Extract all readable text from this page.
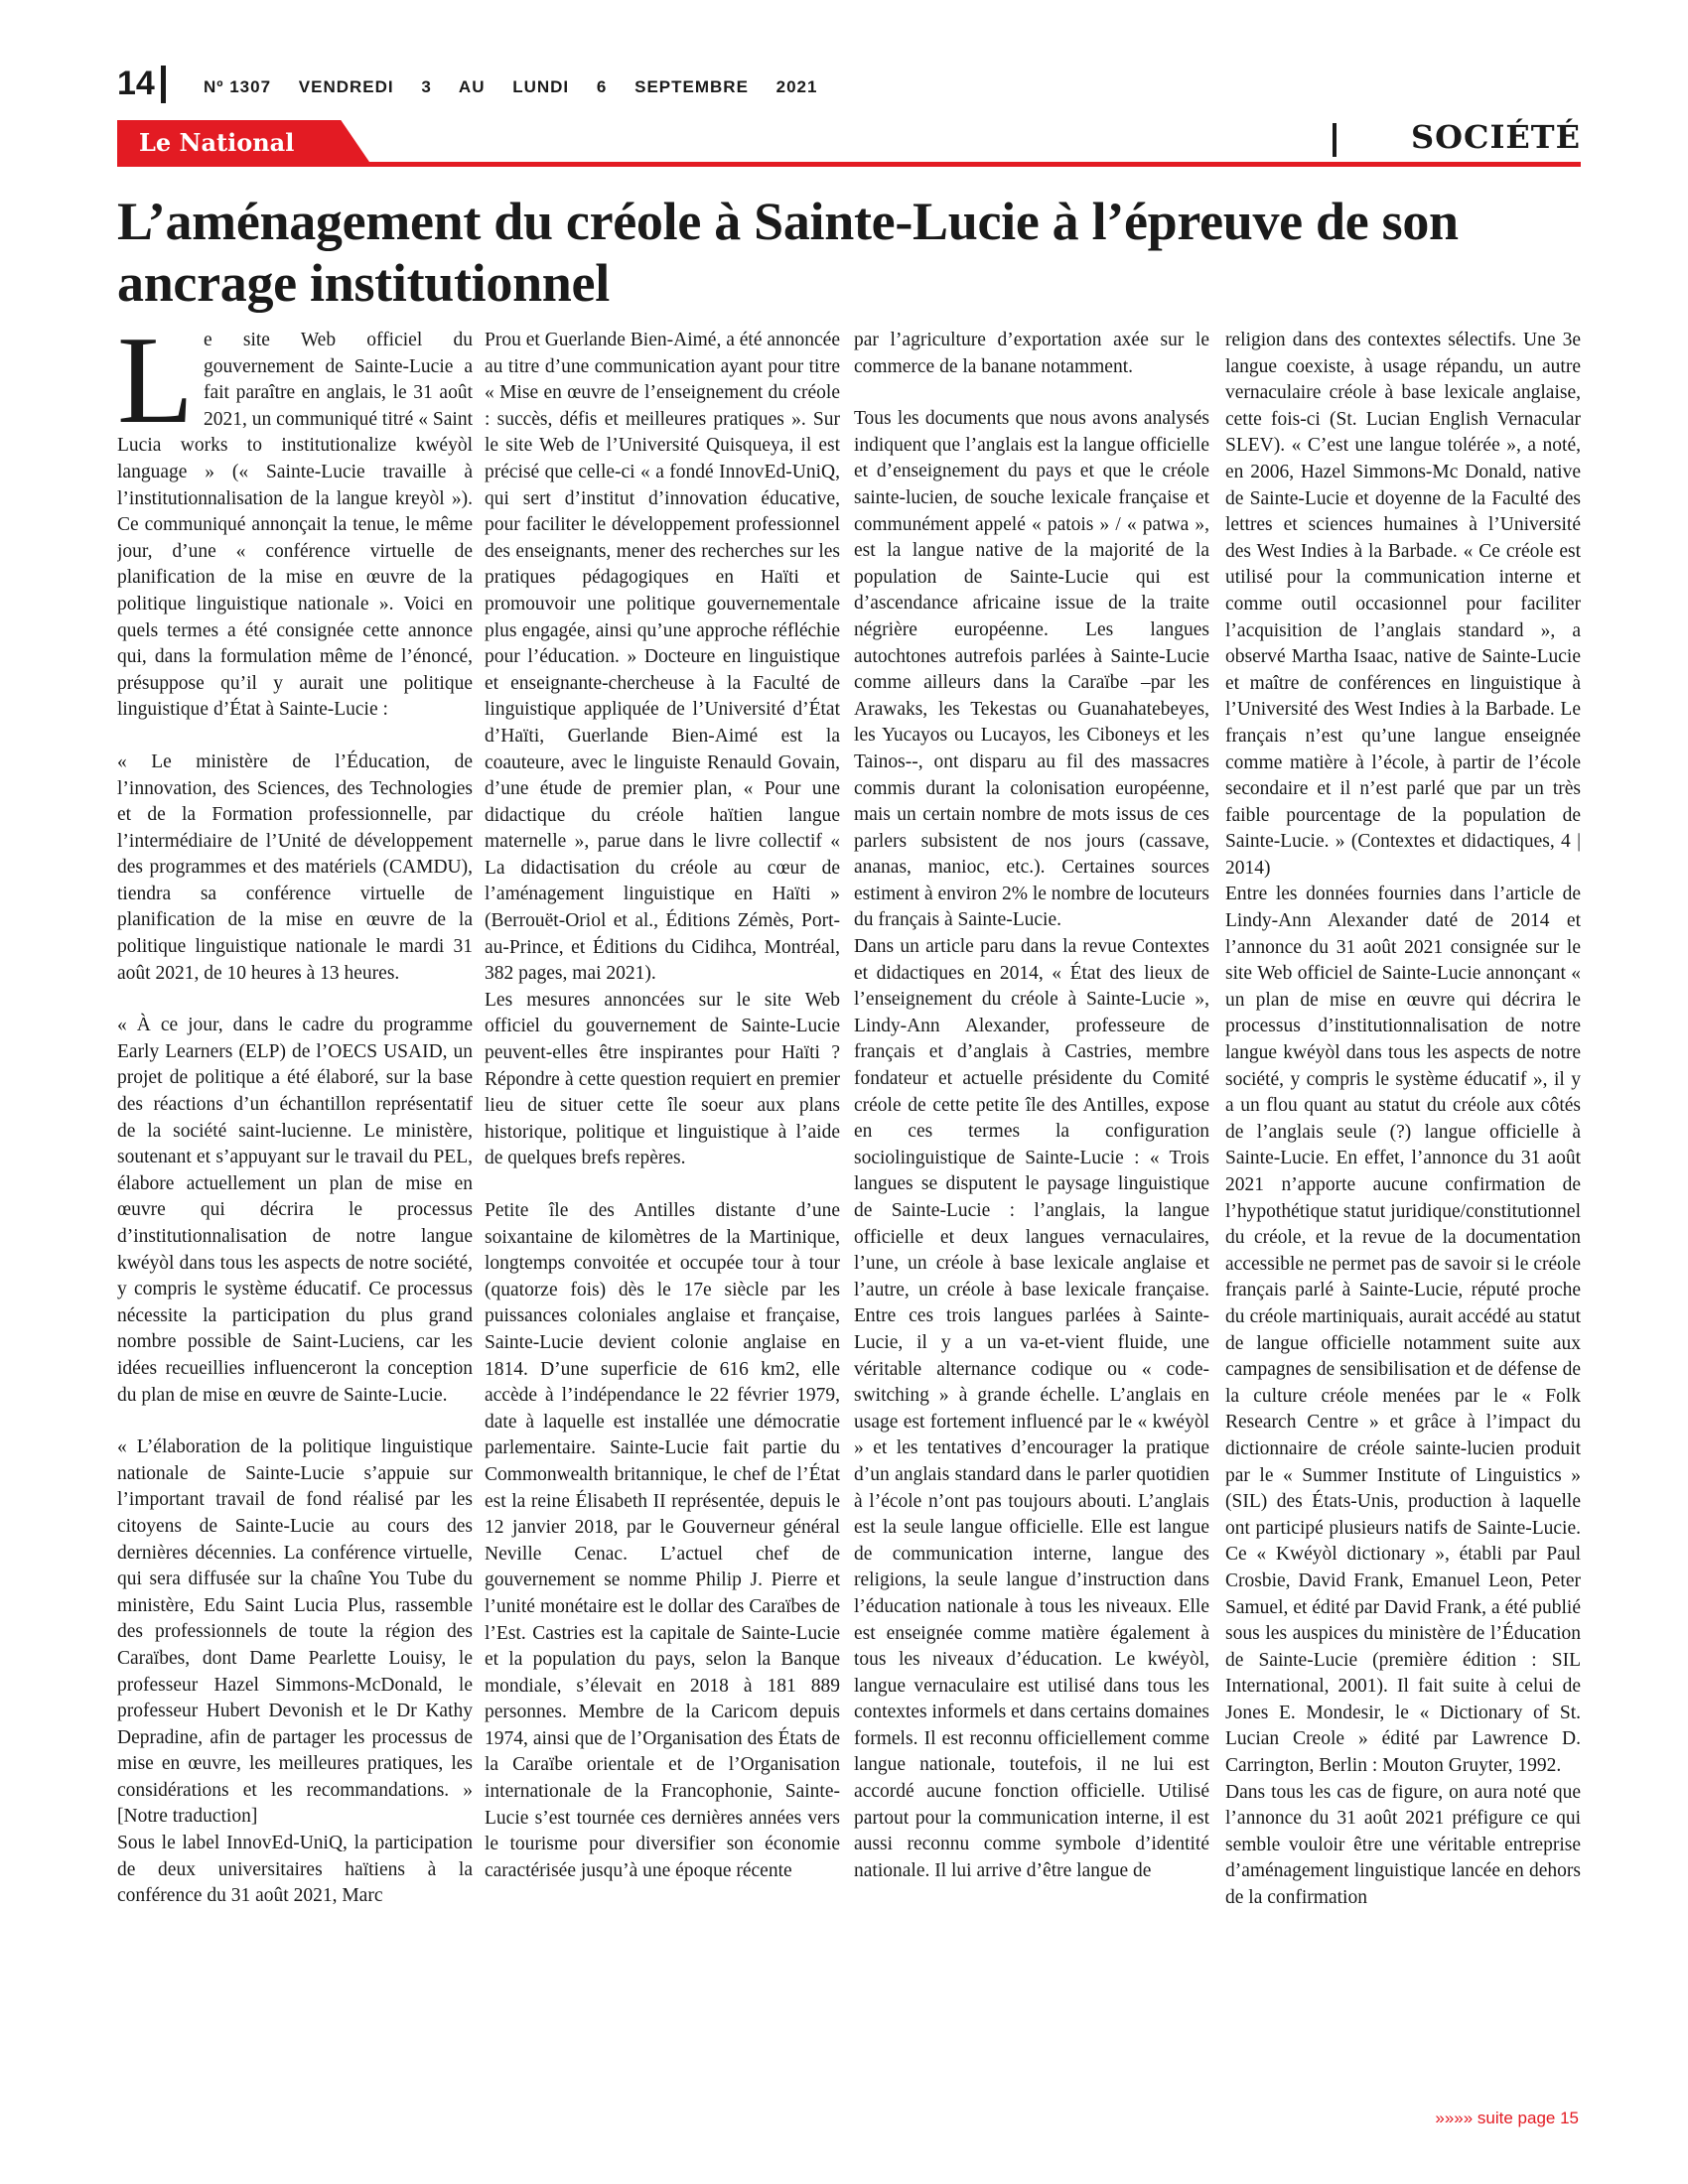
14	Nº 1307 VENDREDI 3 AU LUNDI 6 SEPTEMBRE 2021
Le National	SOCIÉTÉ
L’aménagement du créole à Sainte-Lucie à l’épreuve de son ancrage institutionnel

Le site Web officiel du gouvernement de Sainte-Lucie a fait paraître en anglais, le 31 août 2021, un communiqué titré « Saint Lucia works to institutionalize kwéyòl language » (« Sainte-Lucie travaille à l’institutionnalisation de la langue kreyòl »). Ce communiqué annonçait la tenue, le même jour, d’une « conférence virtuelle de planification de la mise en œuvre de la politique linguistique nationale ». Voici en quels termes a été consignée cette annonce qui, dans la formulation même de l’énoncé, présuppose qu’il y aurait une politique linguistique d’État à Sainte-Lucie :

« Le ministère de l’Éducation, de l’innovation, des Sciences, des Technologies et de la Formation professionnelle, par l’intermédiaire de l’Unité de développement des programmes et des matériels (CAMDU), tiendra sa conférence virtuelle de planification de la mise en œuvre de la politique linguistique nationale le mardi 31 août 2021, de 10 heures à 13 heures.

« À ce jour, dans le cadre du programme Early Learners (ELP) de l’OECS USAID, un projet de politique a été élaboré, sur la base des réactions d’un échantillon représentatif de la société saint-lucienne. Le ministère, soutenant et s’appuyant sur le travail du PEL, élabore actuellement un plan de mise en œuvre qui décrira le processus d’institutionnalisation de notre langue kwéyòl dans tous les aspects de notre société, y compris le système éducatif. Ce processus nécessite la participation du plus grand nombre possible de Saint-Luciens, car les idées recueillies influenceront la conception du plan de mise en œuvre de Sainte-Lucie.

« L’élaboration de la politique linguistique nationale de Sainte-Lucie s’appuie sur l’important travail de fond réalisé par les citoyens de Sainte-Lucie au cours des dernières décennies. La conférence virtuelle, qui sera diffusée sur la chaîne You Tube du ministère, Edu Saint Lucia Plus, rassemble des professionnels de toute la région des Caraïbes, dont Dame Pearlette Louisy, le professeur Hazel Simmons-McDonald, le professeur Hubert Devonish et le Dr Kathy Depradine, afin de partager les processus de mise en œuvre, les meilleures pratiques, les considérations et les recommandations. » [Notre traduction]

Sous le label InnovEd-UniQ, la participation de deux universitaires haïtiens à la conférence du 31 août 2021, Marc

Prou et Guerlande Bien-Aimé, a été annoncée au titre d’une communication ayant pour titre « Mise en œuvre de l’enseignement du créole : succès, défis et meilleures pratiques ». Sur le site Web de l’Université Quisqueya, il est précisé que celle-ci « a fondé InnovEd-UniQ, qui sert d’institut d’innovation éducative, pour faciliter le développement professionnel des enseignants, mener des recherches sur les pratiques pédagogiques en Haïti et promouvoir une politique gouvernementale plus engagée, ainsi qu’une approche réfléchie pour l’éducation. » Docteure en linguistique et enseignante-chercheuse à la Faculté de linguistique appliquée de l’Université d’État d’Haïti, Guerlande Bien-Aimé est la coauteure, avec le linguiste Renauld Govain, d’une étude de premier plan, « Pour une didactique du créole haïtien langue maternelle », parue dans le livre collectif « La didactisation du créole au cœur de l’aménagement linguistique en Haïti » (Berrouët-Oriol et al., Éditions Zémès, Port-au-Prince, et Éditions du Cidihca, Montréal, 382 pages, mai 2021).

Les mesures annoncées sur le site Web officiel du gouvernement de Sainte-Lucie peuvent-elles être inspirantes pour Haïti ? Répondre à cette question requiert en premier lieu de situer cette île soeur aux plans historique, politique et linguistique à l’aide de quelques brefs repères.

Petite île des Antilles distante d’une soixantaine de kilomètres de la Martinique, longtemps convoitée et occupée tour à tour (quatorze fois) dès le 17e siècle par les puissances coloniales anglaise et française, Sainte-Lucie devient colonie anglaise en 1814. D’une superficie de 616 km2, elle accède à l’indépendance le 22 février 1979, date à laquelle est installée une démocratie parlementaire. Sainte-Lucie fait partie du Commonwealth britannique, le chef de l’État est la reine Élisabeth II représentée, depuis le 12 janvier 2018, par le Gouverneur général Neville Cenac. L’actuel chef de gouvernement se nomme Philip J. Pierre et l’unité monétaire est le dollar des Caraïbes de l’Est. Castries est la capitale de Sainte-Lucie et la population du pays, selon la Banque mondiale, s’élevait en 2018 à 181 889 personnes. Membre de la Caricom depuis 1974, ainsi que de l’Organisation des États de la Caraïbe orientale et de l’Organisation internationale de la Francophonie, Sainte-Lucie s’est tournée ces dernières années vers le tourisme pour diversifier son économie caractérisée jusqu’à une époque récente

par l’agriculture d’exportation axée sur le commerce de la banane notamment.

Tous les documents que nous avons analysés indiquent que l’anglais est la langue officielle et d’enseignement du pays et que le créole sainte-lucien, de souche lexicale française et communément appelé « patois » / « patwa », est la langue native de la majorité de la population de Sainte-Lucie qui est d’ascendance africaine issue de la traite négrière européenne. Les langues autochtones autrefois parlées à Sainte-Lucie comme ailleurs dans la Caraïbe –par les Arawaks, les Tekestas ou Guanahatebeyes, les Yucayos ou Lucayos, les Ciboneys et les Tainos--, ont disparu au fil des massacres commis durant la colonisation européenne, mais un certain nombre de mots issus de ces parlers subsistent de nos jours (cassave, ananas, manioc, etc.). Certaines sources estiment à environ 2% le nombre de locuteurs du français à Sainte-Lucie.

Dans un article paru dans la revue Contextes et didactiques en 2014, « État des lieux de l’enseignement du créole à Sainte-Lucie », Lindy-Ann Alexander, professeure de français et d’anglais à Castries, membre fondateur et actuelle présidente du Comité créole de cette petite île des Antilles, expose en ces termes la configuration sociolinguistique de Sainte-Lucie : « Trois langues se disputent le paysage linguistique de Sainte-Lucie : l’anglais, la langue officielle et deux langues vernaculaires, l’une, un créole à base lexicale anglaise et l’autre, un créole à base lexicale française. Entre ces trois langues parlées à Sainte-Lucie, il y a un va-et-vient fluide, une véritable alternance codique ou « code-switching » à grande échelle. L’anglais en usage est fortement influencé par le « kwéyòl » et les tentatives d’encourager la pratique d’un anglais standard dans le parler quotidien à l’école n’ont pas toujours abouti. L’anglais est la seule langue officielle. Elle est langue de communication interne, langue des religions, la seule langue d’instruction dans l’éducation nationale à tous les niveaux. Elle est enseignée comme matière également à tous les niveaux d’éducation. Le kwéyòl, langue vernaculaire est utilisé dans tous les contextes informels et dans certains domaines formels. Il est reconnu officiellement comme langue nationale, toutefois, il ne lui est accordé aucune fonction officielle. Utilisé partout pour la communication interne, il est aussi reconnu comme symbole d’identité nationale. Il lui arrive d’être langue de

religion dans des contextes sélectifs. Une 3e langue coexiste, à usage répandu, un autre vernaculaire créole à base lexicale anglaise, cette fois-ci (St. Lucian English Vernacular SLEV). « C’est une langue tolérée », a noté, en 2006, Hazel Simmons-Mc Donald, native de Sainte-Lucie et doyenne de la Faculté des lettres et sciences humaines à l’Université des West Indies à la Barbade. « Ce créole est utilisé pour la communication interne et comme outil occasionnel pour faciliter l’acquisition de l’anglais standard », a observé Martha Isaac, native de Sainte-Lucie et maître de conférences en linguistique à l’Université des West Indies à la Barbade. Le français n’est qu’une langue enseignée comme matière à l’école, à partir de l’école secondaire et il n’est parlé que par un très faible pourcentage de la population de Sainte-Lucie. » (Contextes et didactiques, 4 | 2014)

Entre les données fournies dans l’article de Lindy-Ann Alexander daté de 2014 et l’annonce du 31 août 2021 consignée sur le site Web officiel de Sainte-Lucie annonçant « un plan de mise en œuvre qui décrira le processus d’institutionnalisation de notre langue kwéyòl dans tous les aspects de notre société, y compris le système éducatif », il y a un flou quant au statut du créole aux côtés de l’anglais seule (?) langue officielle à Sainte-Lucie. En effet, l’annonce du 31 août 2021 n’apporte aucune confirmation de l’hypothétique statut juridique/constitutionnel du créole, et la revue de la documentation accessible ne permet pas de savoir si le créole français parlé à Sainte-Lucie, réputé proche du créole martiniquais, aurait accédé au statut de langue officielle notamment suite aux campagnes de sensibilisation et de défense de la culture créole menées par le « Folk Research Centre » et grâce à l’impact du dictionnaire de créole sainte-lucien produit par le « Summer Institute of Linguistics » (SIL) des États-Unis, production à laquelle ont participé plusieurs natifs de Sainte-Lucie. Ce « Kwéyòl dictionary », établi par Paul Crosbie, David Frank, Emanuel Leon, Peter Samuel, et édité par David Frank, a été publié sous les auspices du ministère de l’Éducation de Sainte-Lucie (première édition : SIL International, 2001). Il fait suite à celui de Jones E. Mondesir, le « Dictionary of St. Lucian Creole » édité par Lawrence D. Carrington, Berlin : Mouton Gruyter, 1992.

Dans tous les cas de figure, on aura noté que l’annonce du 31 août 2021 préfigure ce qui semble vouloir être une véritable entreprise d’aménagement linguistique lancée en dehors de la confirmation

»»»» suite page 15
